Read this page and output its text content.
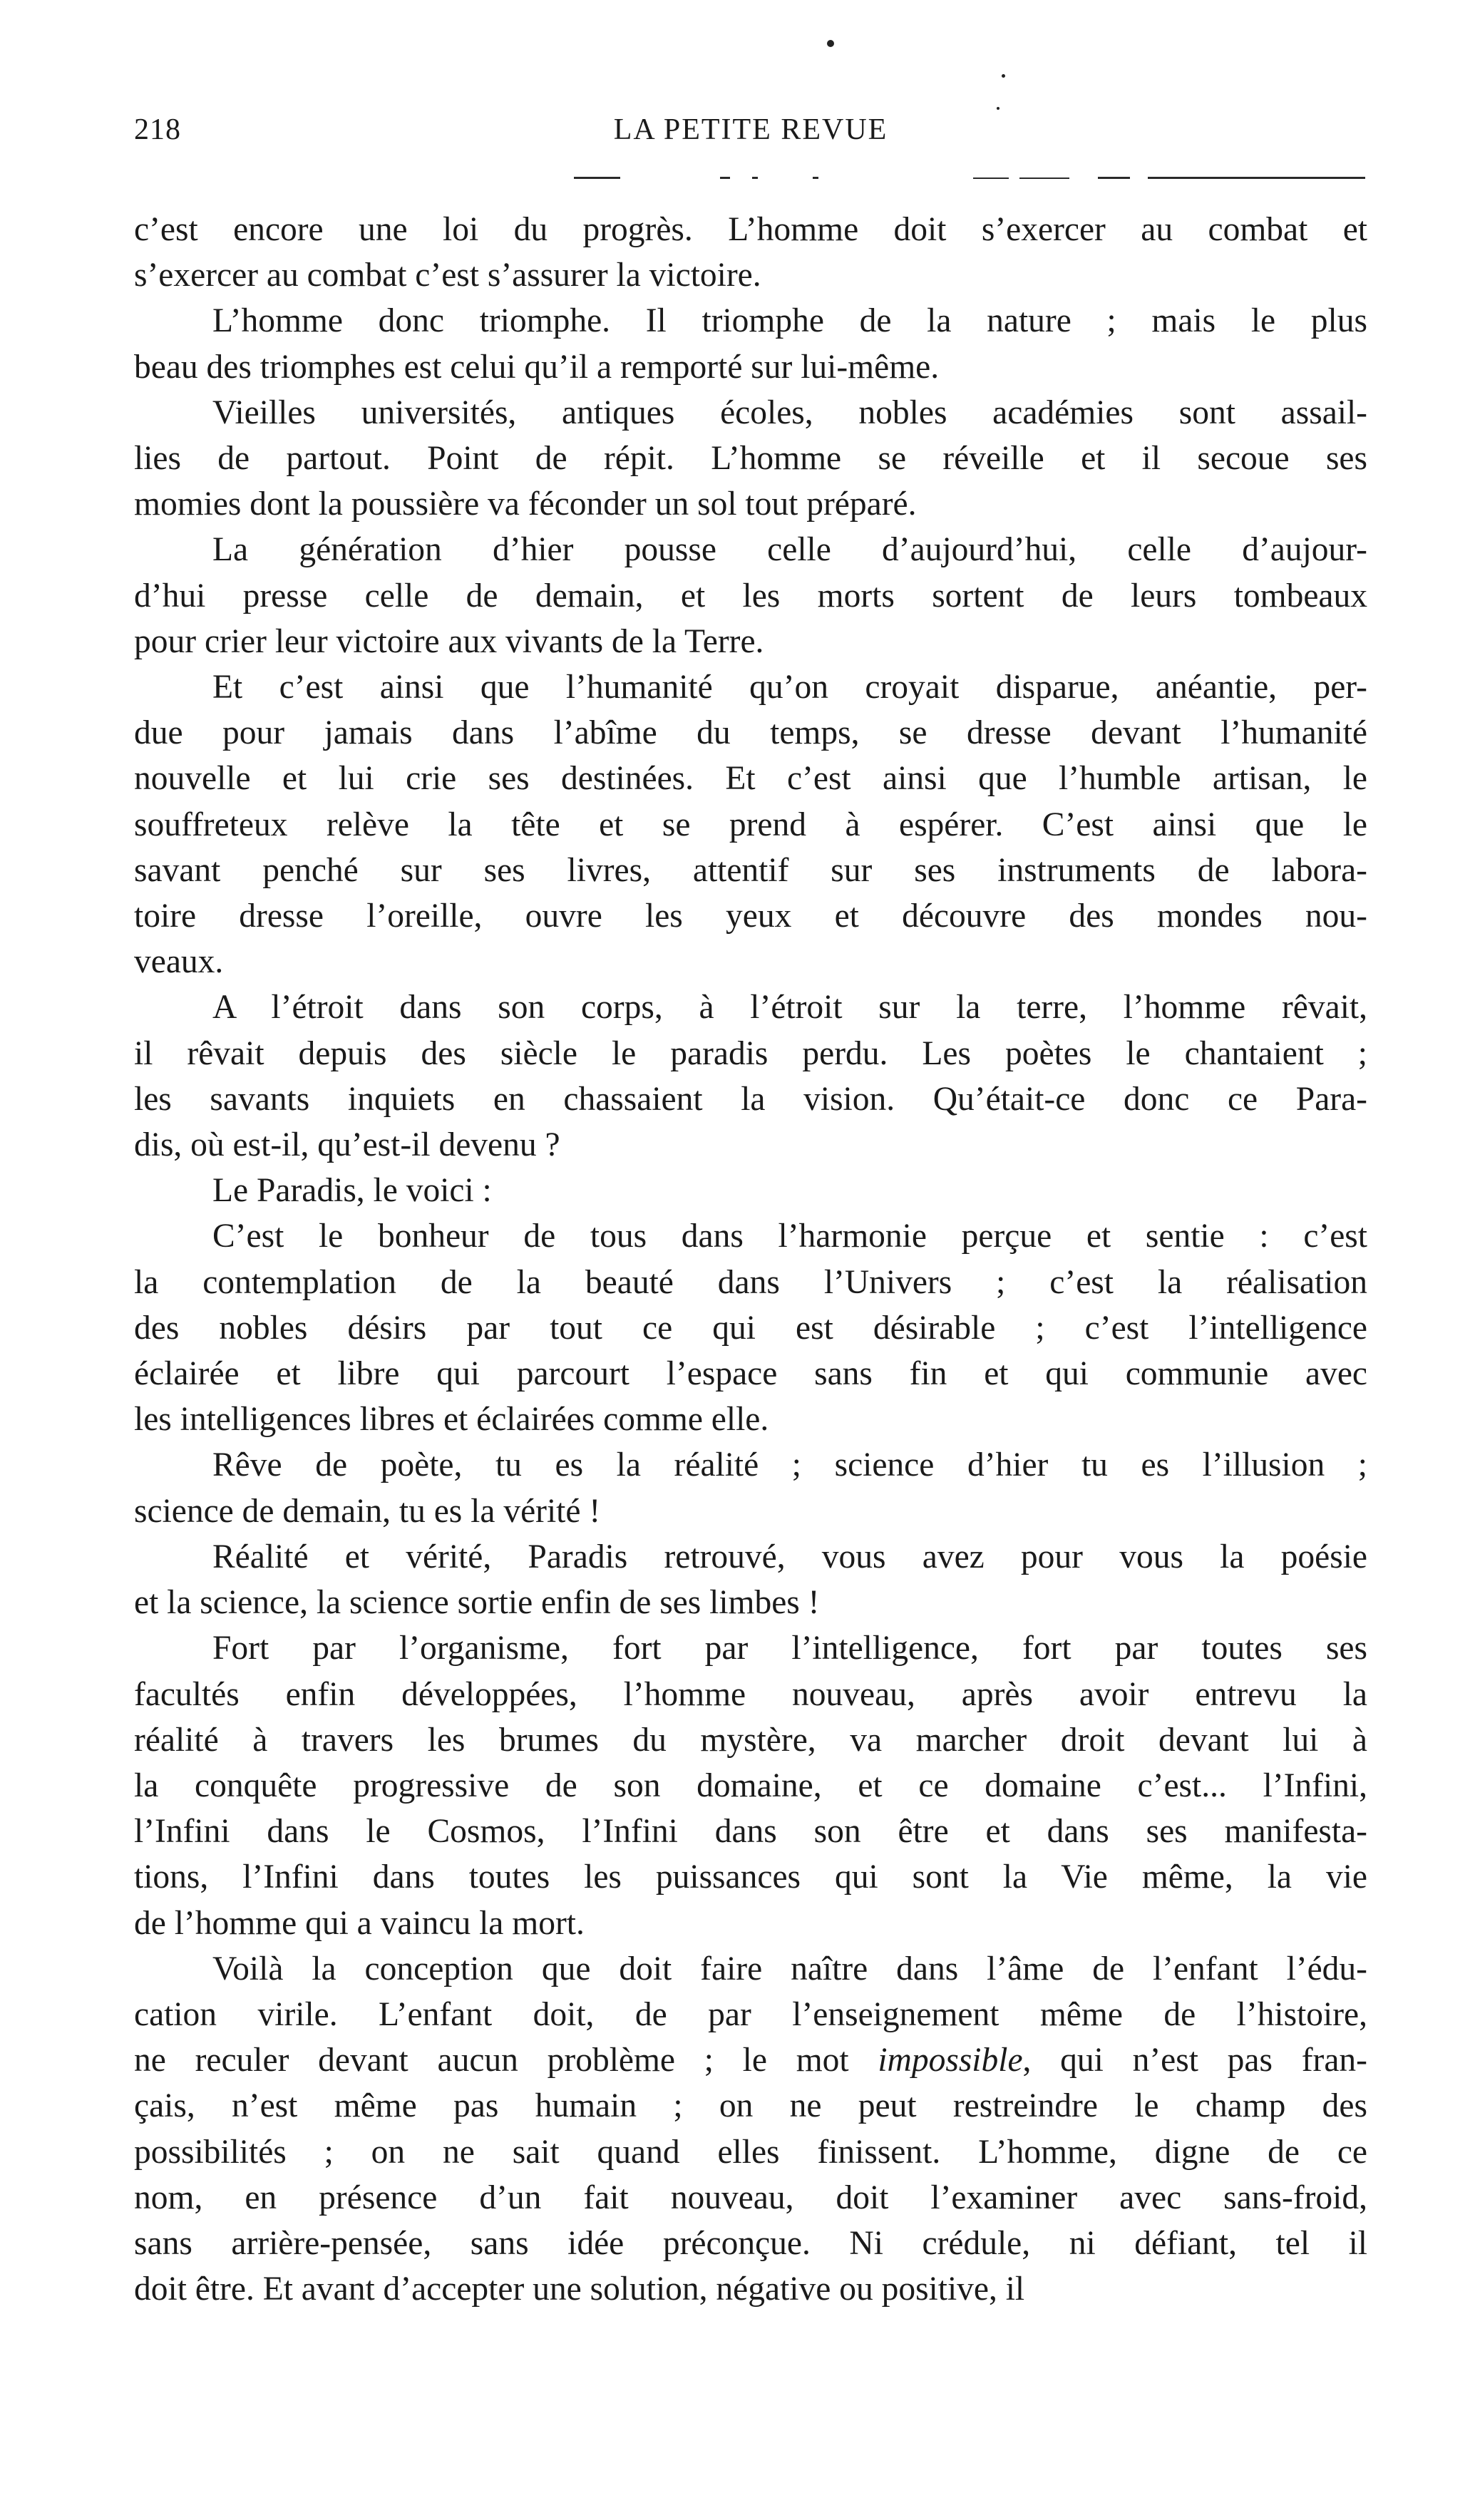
218	LA PETITE REVUE
c’est encore une loi du progrès. L’homme doit s’exercer au combat et
s’exercer au combat c’est s’assurer la victoire.
L’homme donc triomphe. Il triomphe de la nature ; mais le plus
beau des triomphes est celui qu’il a remporté sur lui-même.
Vieilles universités, antiques écoles, nobles académies sont assail-
lies de partout. Point de répit. L’homme se réveille et il secoue ses
momies dont la poussière va féconder un sol tout préparé.
La génération d’hier pousse celle d’aujourd’hui, celle d’aujour-
d’hui presse celle de demain, et les morts sortent de leurs tombeaux
pour crier leur victoire aux vivants de la Terre.
Et c’est ainsi que l’humanité qu’on croyait disparue, anéantie, per-
due pour jamais dans l’abîme du temps, se dresse devant l’humanité
nouvelle et lui crie ses destinées. Et c’est ainsi que l’humble artisan, le
souffreteux relève la tête et se prend à espérer. C’est ainsi que le
savant penché sur ses livres, attentif sur ses instruments de labora-
toire dresse l’oreille, ouvre les yeux et découvre des mondes nou-
veaux.
A l’étroit dans son corps, à l’étroit sur la terre, l’homme rêvait,
il rêvait depuis des siècle le paradis perdu. Les poètes le chantaient ;
les savants inquiets en chassaient la vision. Qu’était-ce donc ce Para-
dis, où est-il, qu’est-il devenu ?
Le Paradis, le voici :
C’est le bonheur de tous dans l’harmonie perçue et sentie : c’est
la contemplation de la beauté dans l’Univers ; c’est la réalisation
des nobles désirs par tout ce qui est désirable ; c’est l’intelligence
éclairée et libre qui parcourt l’espace sans fin et qui communie avec
les intelligences libres et éclairées comme elle.
Rêve de poète, tu es la réalité ; science d’hier tu es l’illusion ;
science de demain, tu es la vérité !
Réalité et vérité, Paradis retrouvé, vous avez pour vous la poésie
et la science, la science sortie enfin de ses limbes !
Fort par l’organisme, fort par l’intelligence, fort par toutes ses
facultés enfin développées, l’homme nouveau, après avoir entrevu la
réalité à travers les brumes du mystère, va marcher droit devant lui à
la conquête progressive de son domaine, et ce domaine c’est... l’Infini,
l’Infini dans le Cosmos, l’Infini dans son être et dans ses manifesta-
tions, l’Infini dans toutes les puissances qui sont la Vie même, la vie
de l’homme qui a vaincu la mort.
Voilà la conception que doit faire naître dans l’âme de l’enfant l’édu-
cation virile. L’enfant doit, de par l’enseignement même de l’histoire,
ne reculer devant aucun problème ; le mot impossible, qui n’est pas fran-
çais, n’est même pas humain ; on ne peut restreindre le champ des
possibilités ; on ne sait quand elles finissent. L’homme, digne de ce
nom, en présence d’un fait nouveau, doit l’examiner avec sans-froid,
sans arrière-pensée, sans idée préconçue. Ni crédule, ni défiant, tel il
doit être. Et avant d’accepter une solution, négative ou positive, il
